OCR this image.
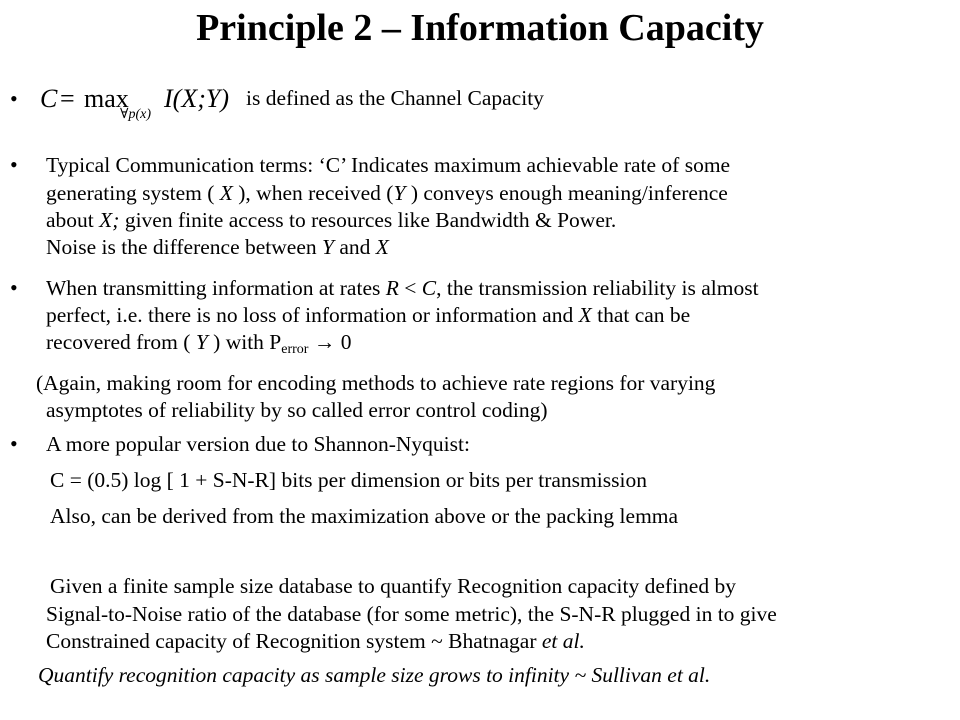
Principle 2 – Information Capacity
• C = max
∀p(x)
I(X;Y) is defined as the Channel Capacity
• Typical Communication terms: ‘C’ Indicates maximum achievable rate of some
generating system ( X ), when received (Y ) conveys enough meaning/inference
about X; given finite access to resources like Bandwidth & Power.
Noise is the difference between Y and X
• When transmitting information at rates R < C, the transmission reliability is almost
perfect, i.e. there is no loss of information or information and X that can be
recovered from ( Y ) with $P_{error} \to 0$
(Again, making room for encoding methods to achieve rate regions for varying
asymptotes of reliability by so called error control coding)
• A more popular version due to Shannon-Nyquist:
C = (0.5) log [ 1 + S-N-R] bits per dimension or bits per transmission
Also, can be derived from the maximization above or the packing lemma
Given a finite sample size database to quantify Recognition capacity defined by
Signal-to-Noise ratio of the database (for some metric), the S-N-R plugged in to give
Constrained capacity of Recognition system ~ Bhatnagar et al.
Quantify recognition capacity as sample size grows to infinity ~ Sullivan et al.
